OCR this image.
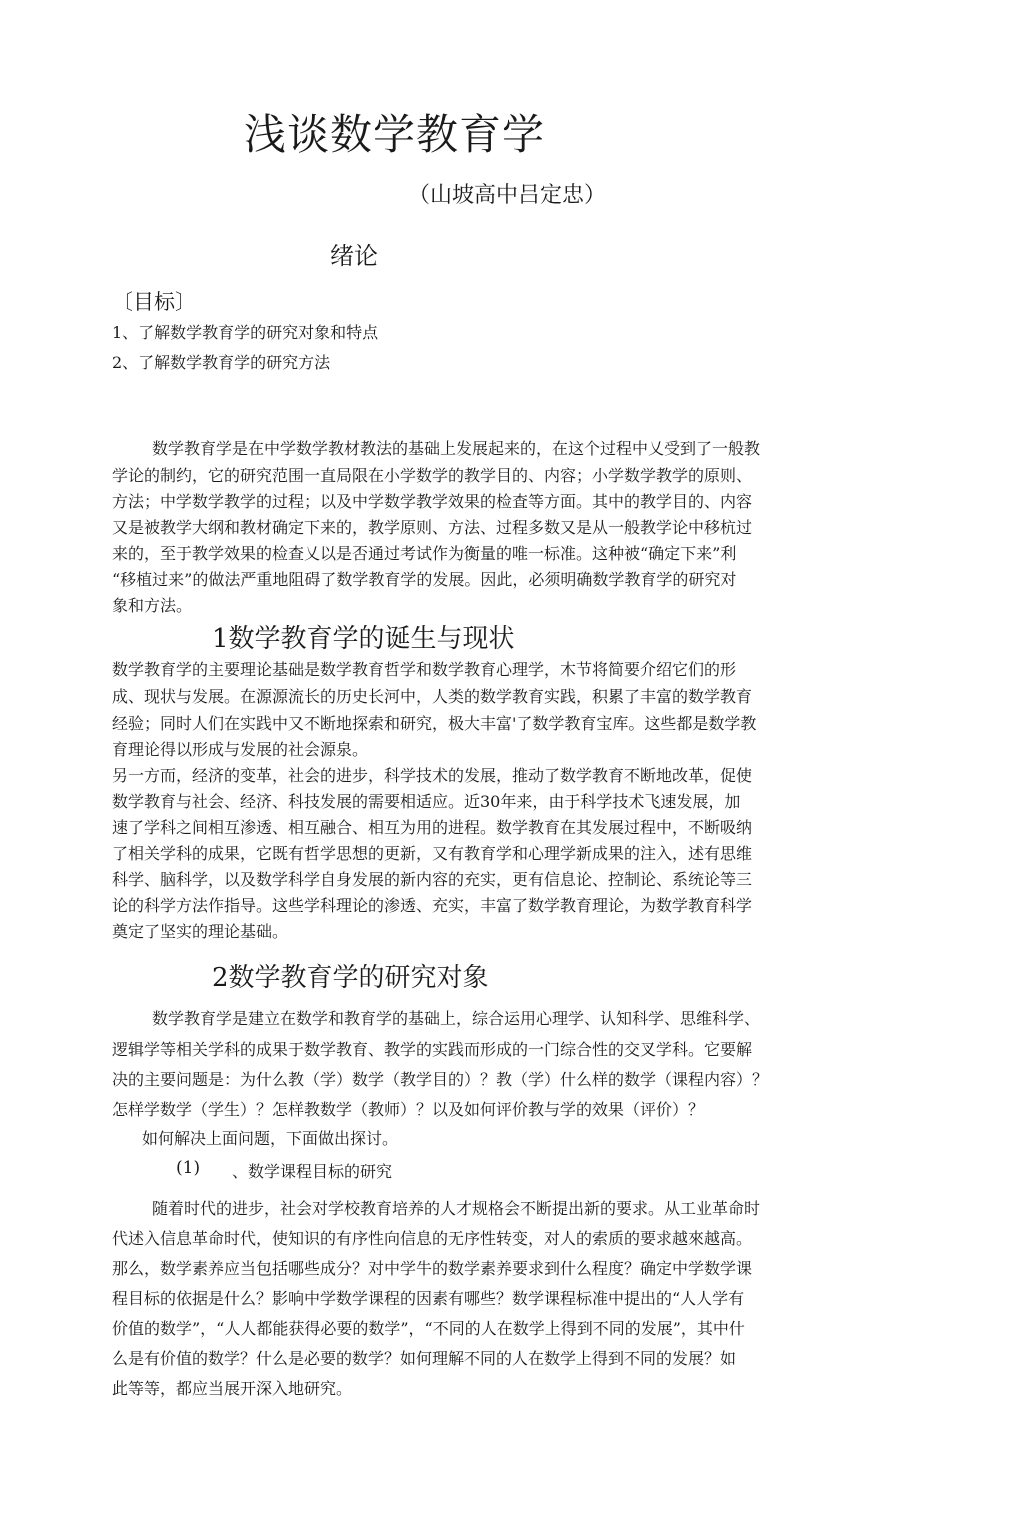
浅谈数学教育学
（山坡高中吕定忠）
绪论
〔目标〕
1、了解数学教育学的研究对象和特点
2、了解数学教育学的研究方法
数学教育学是在中学数学教材教法的基础上发展起来的，在这个过程中乂受到了一般教
学论的制约，它的研究范围一直局限在小学数学的教学目的、内容；小学数学教学的原则、
方法；中学数学教学的过程；以及中学数学教学效果的检査等方面。其中的教学目的、内容
又是被教学大纲和教材确定下来的，教学原则、方法、过程多数又是从一般教学论中移杭过
来的，至于教学效果的检查乂以是否通过考试作为衡量的唯一标准。这种被“确定下来”利
“移植过来”的做法严重地阻碍了数学教育学的发展。因此，必须明确数学教育学的研究对
象和方法。
1数学教育学的诞生与现状
数学教育学的主要理论基础是数学教育哲学和数学教育心理学，木节将简要介绍它们的形
成、现状与发展。在源源流长的历史长河中，人类的数学教育实践，积累了丰富的数学教育
经验；同时人们在实践中又不断地探索和研究，极大丰富'了数学教育宝库。这些都是数学教
育理论得以形成与发展的社会源泉。
另一方而，经济的变革，社会的进步，科学技术的发展，推动了数学教育不断地改革，促使
数学教育与社会、经济、科技发展的需要相适应。近30年来，由于科学技术飞速发展，加
速了学科之间相互渗透、相互融合、相互为用的进程。数学教育在其发展过程中，不断吸纳
了相关学科的成果，它既有哲学思想的更新，又有教育学和心理学新成果的注入，述有思维
科学、脑科学，以及数学科学自身发展的新内容的充实，更有信息论、控制论、系统论等三
论的科学方法作指导。这些学科理论的渗透、充实，丰富了数学教育理论，为数学教育科学
奠定了坚实的理论基础。
2数学教育学的研究对象
数学教育学是建立在数学和教育学的基础上，综合运用心理学、认知科学、思维科学、
逻辑学等相关学科的成果于数学教育、教学的实践而形成的一门综合性的交叉学科。它要解
决的主要问题是：为什么教（学）数学（教学目的）？教（学）什么样的数学（课程内容）？
怎样学数学（学生）？怎样教数学（教师）？以及如何评价教与学的效果（评价）？
如何解决上面问题，下面做出探讨。
(1) 、数学课程目标的研究
随着时代的进步，社会对学校教育培养的人才规格会不断提出新的要求。从工业革命时
代述入信息革命时代，使知识的有序性向信息的无序性转变，对人的索质的要求越來越高。
那么，数学素养应当包括哪些成分？对中学牛的数学素养要求到什么程度？确定中学数学课
程目标的依据是什么？影响中学数学课程的因素有哪些？数学课程标准中提出的“人人学有
价值的数学”，“人人都能获得必要的数学”，“不同的人在数学上得到不同的发展”，其中什
么是有价值的数学？什么是必要的数学？如何理解不同的人在数学上得到不同的发展？如
此等等，都应当展开深入地研究。
